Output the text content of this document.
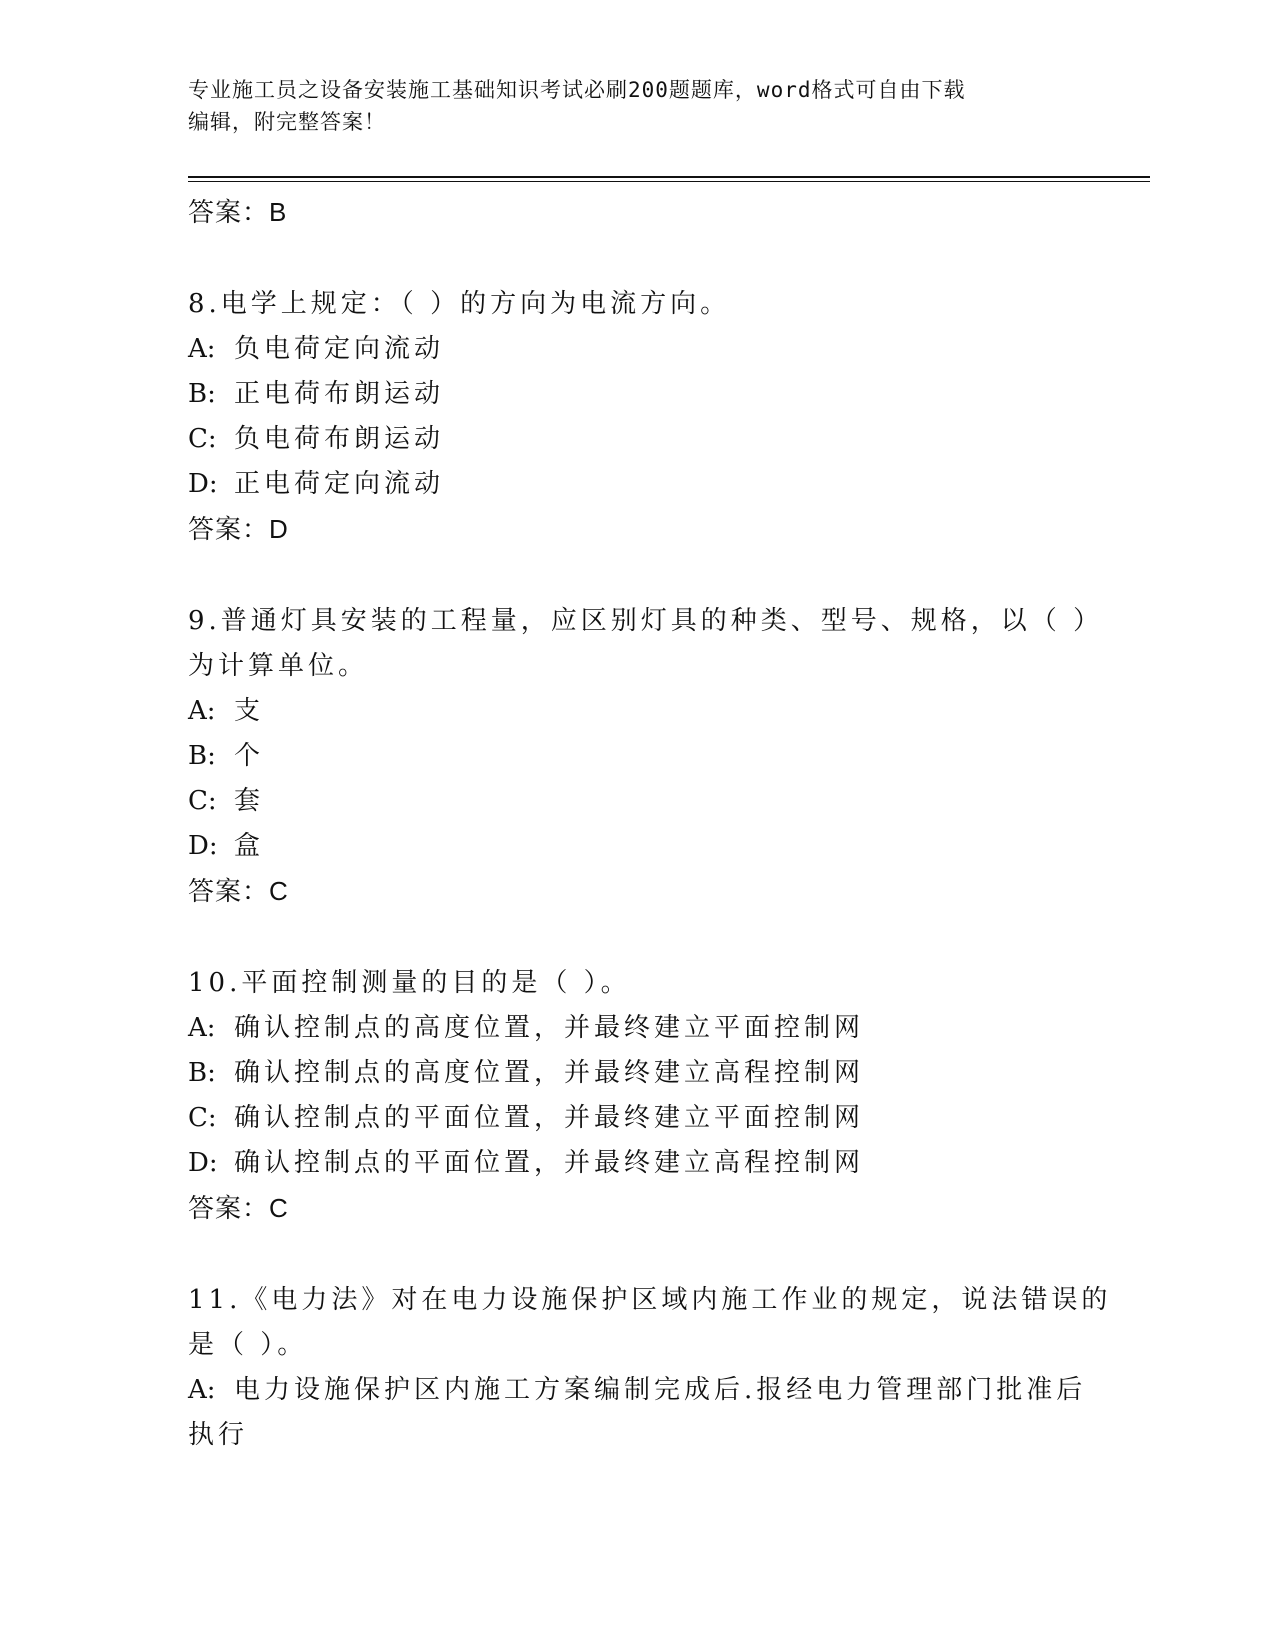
专业施工员之设备安装施工基础知识考试必刷200题题库，word格式可自由下载
编辑，附完整答案！
答案：B
8.电学上规定：（ ）的方向为电流方向。
A: 负电荷定向流动
B: 正电荷布朗运动
C: 负电荷布朗运动
D: 正电荷定向流动
答案：D
9.普通灯具安装的工程量，应区别灯具的种类、型号、规格，以（ ）
为计算单位。
A: 支
B: 个
C: 套
D: 盒
答案：C
10.平面控制测量的目的是（ ）。
A: 确认控制点的高度位置，并最终建立平面控制网
B: 确认控制点的高度位置，并最终建立高程控制网
C: 确认控制点的平面位置，并最终建立平面控制网
D: 确认控制点的平面位置，并最终建立高程控制网
答案：C
11.《电力法》对在电力设施保护区域内施工作业的规定，说法错误的
是（ ）。
A: 电力设施保护区内施工方案编制完成后.报经电力管理部门批准后
执行
